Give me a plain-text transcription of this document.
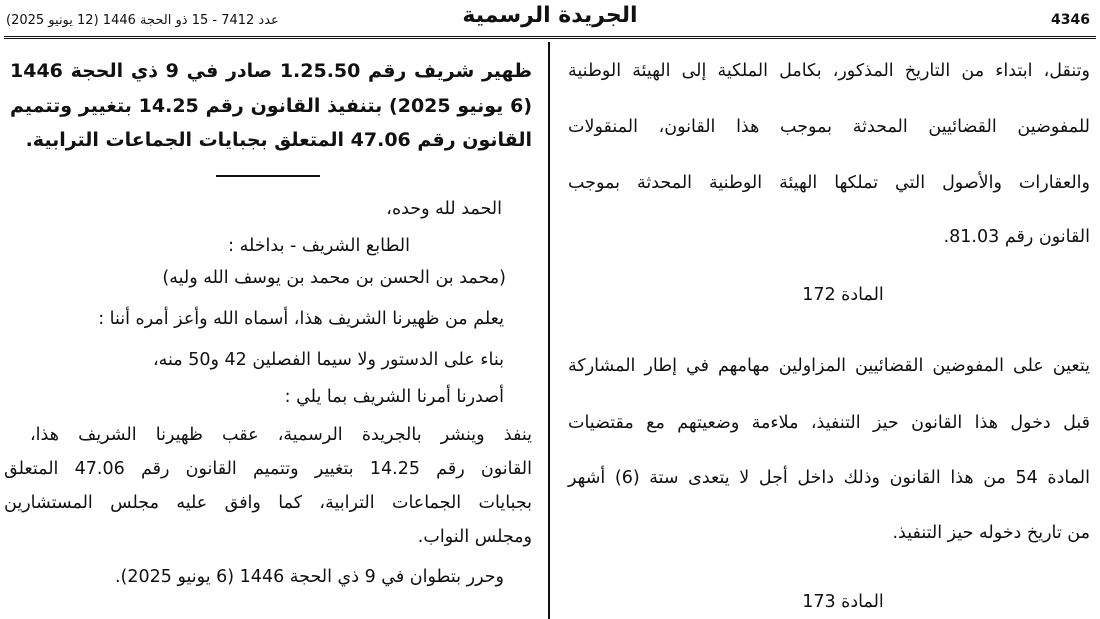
4346
الجريدة الرسمية
عدد 7412 - 15 ذو الحجة 1446 (12 يونيو 2025)
وتنقل، ابتداء من التاريخ المذكور، بكامل الملكية إلى الهيئة الوطنية
للمفوضين القضائيين المحدثة بموجب هذا القانون، المنقولات
والعقارات والأصول التي تملكها الهيئة الوطنية المحدثة بموجب
القانون رقم 81.03.
المادة 172
يتعين على المفوضين القضائيين المزاولين مهامهم في إطار المشاركة
قبل دخول هذا القانون حيز التنفيذ، ملاءمة وضعيتهم مع مقتضيات
المادة 54 من هذا القانون وذلك داخل أجل لا يتعدى ستة (6) أشهر
من تاريخ دخوله حيز التنفيذ.
المادة 173
ظهير شريف رقم 1.25.50 صادر في 9 ذي الحجة 1446
(6 يونيو 2025) بتنفيذ القانون رقم 14.25 بتغيير وتتميم
القانون رقم 47.06 المتعلق بجبايات الجماعات الترابية.
الحمد لله وحده،
الطابع الشريف - بداخله :
(محمد بن الحسن بن محمد بن يوسف الله وليه)
يعلم من ظهيرنا الشريف هذا، أسماه الله وأعز أمره أننا :
بناء على الدستور ولا سيما الفصلين 42 و50 منه،
أصدرنا أمرنا الشريف بما يلي :
ينفذ وينشر بالجريدة الرسمية، عقب ظهيرنا الشريف هذا،
القانون رقم 14.25 بتغيير وتتميم القانون رقم 47.06 المتعلق
بجبايات الجماعات الترابية، كما وافق عليه مجلس المستشارين
ومجلس النواب.
وحرر بتطوان في 9 ذي الحجة 1446 (6 يونيو 2025).
